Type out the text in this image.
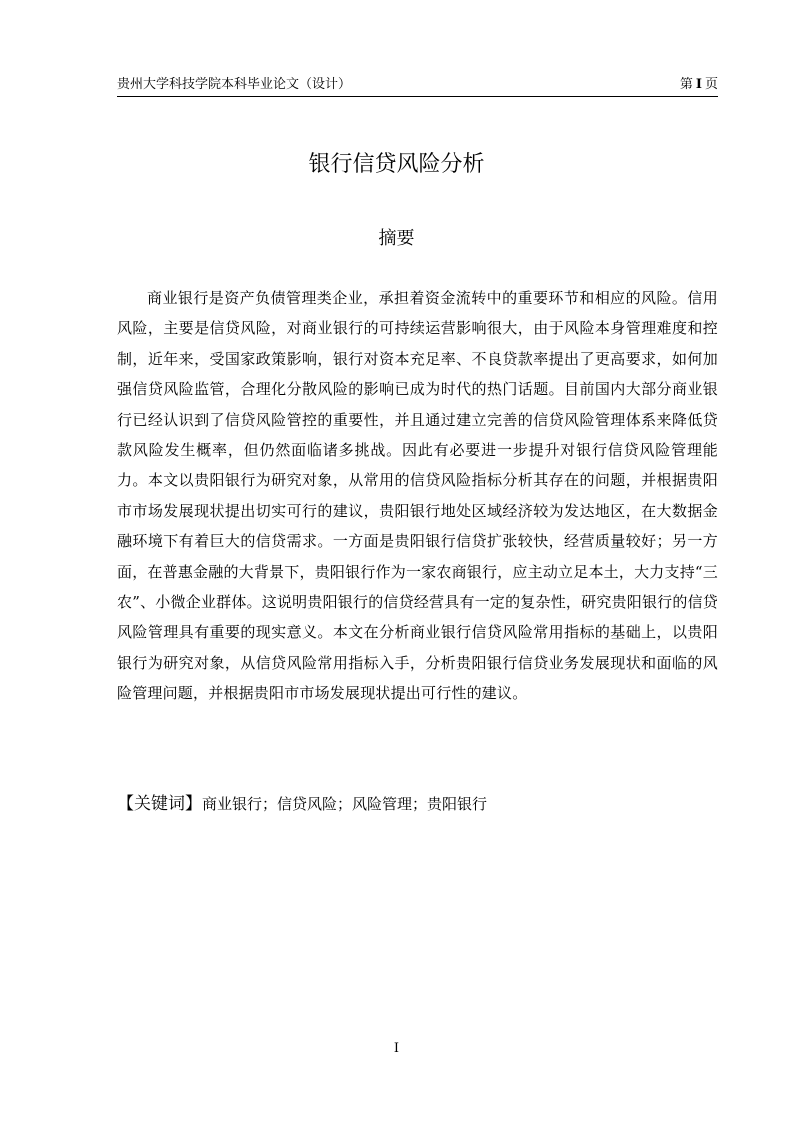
贵州大学科技学院本科毕业论文（设计）	第 I 页
银行信贷风险分析
摘要
商业银行是资产负债管理类企业，承担着资金流转中的重要环节和相应的风险。信用风险，主要是信贷风险，对商业银行的可持续运营影响很大，由于风险本身管理难度和控制，近年来，受国家政策影响，银行对资本充足率、不良贷款率提出了更高要求，如何加强信贷风险监管，合理化分散风险的影响已成为时代的热门话题。目前国内大部分商业银行已经认识到了信贷风险管控的重要性，并且通过建立完善的信贷风险管理体系来降低贷款风险发生概率，但仍然面临诸多挑战。因此有必要进一步提升对银行信贷风险管理能力。本文以贵阳银行为研究对象，从常用的信贷风险指标分析其存在的问题，并根据贵阳市市场发展现状提出切实可行的建议，贵阳银行地处区域经济较为发达地区，在大数据金融环境下有着巨大的信贷需求。一方面是贵阳银行信贷扩张较快，经营质量较好；另一方面，在普惠金融的大背景下，贵阳银行作为一家农商银行，应主动立足本土，大力支持“三农”、小微企业群体。这说明贵阳银行的信贷经营具有一定的复杂性，研究贵阳银行的信贷风险管理具有重要的现实意义。本文在分析商业银行信贷风险常用指标的基础上，以贵阳银行为研究对象，从信贷风险常用指标入手，分析贵阳银行信贷业务发展现状和面临的风险管理问题，并根据贵阳市市场发展现状提出可行性的建议。
【关键词】商业银行；信贷风险；风险管理；贵阳银行
I
